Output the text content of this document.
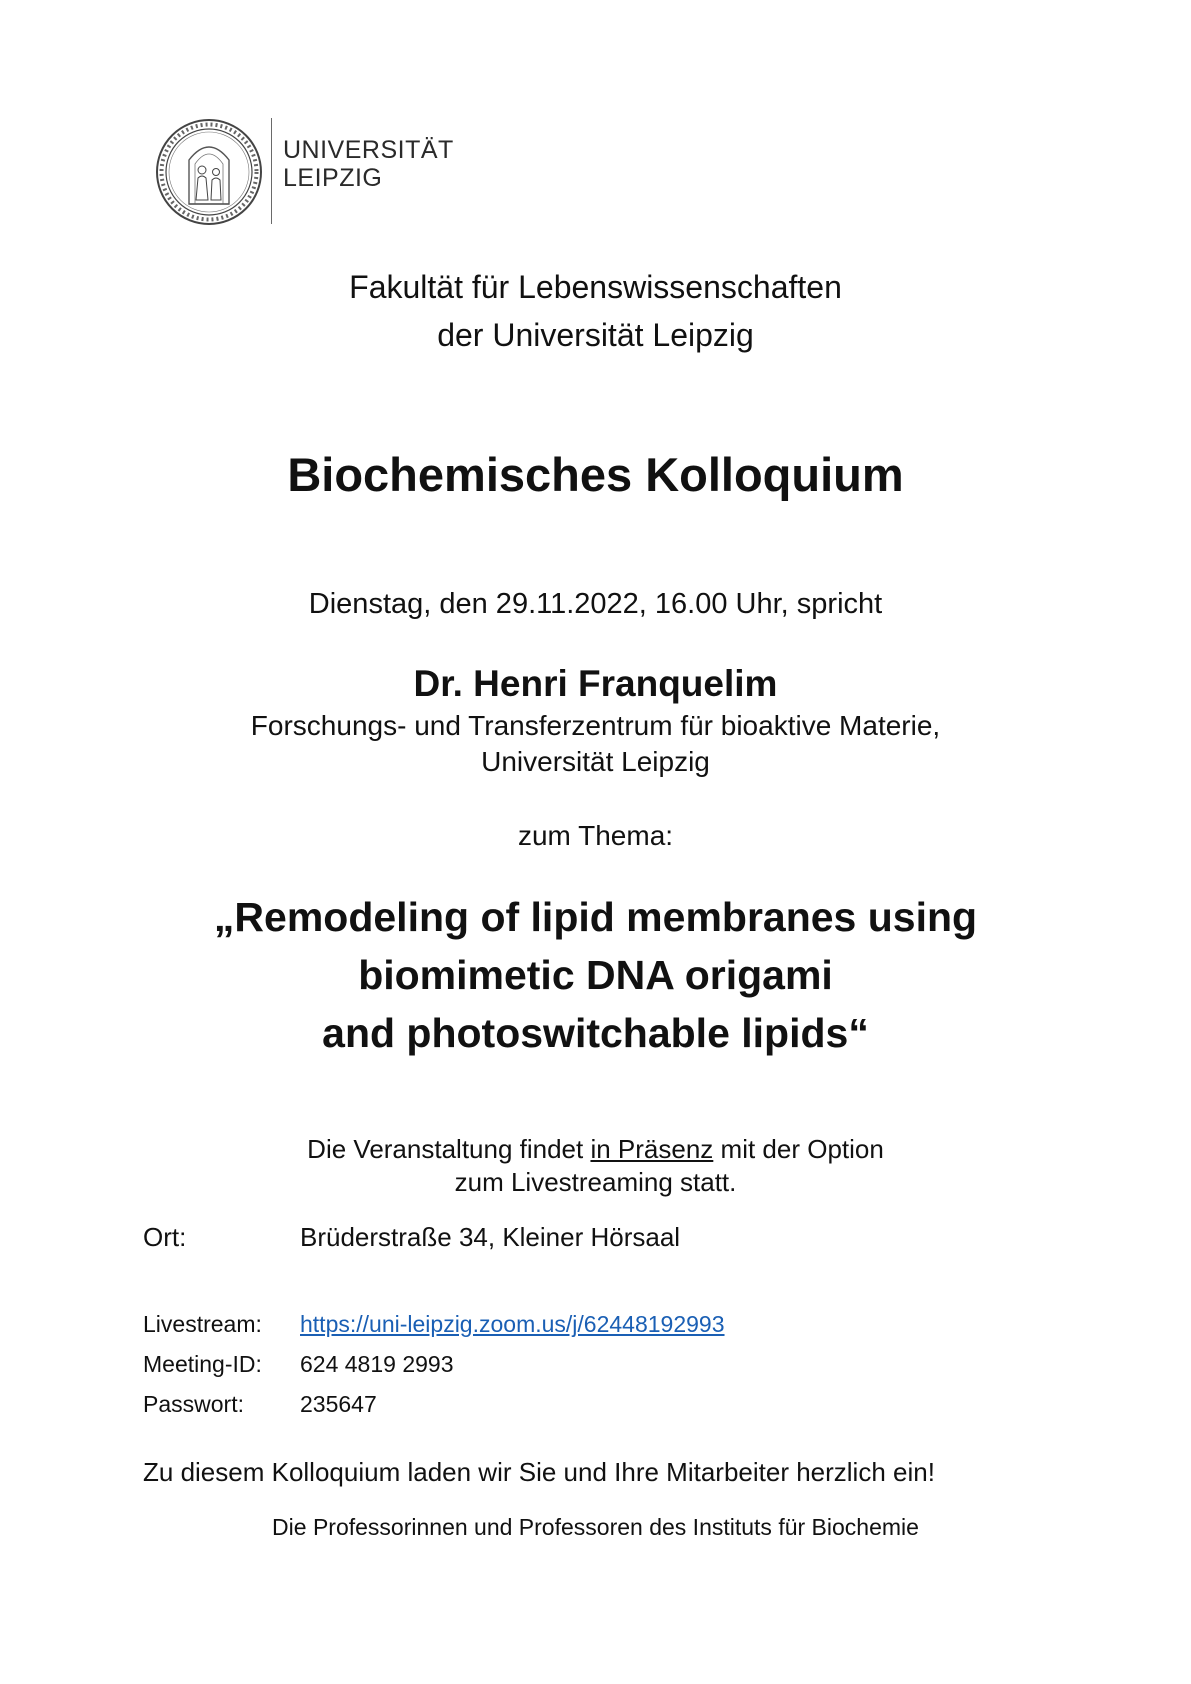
UNIVERSITÄT
LEIPZIG
Fakultät für Lebenswissenschaften
der Universität Leipzig
Biochemisches Kolloquium
Dienstag, den 29.11.2022, 16.00 Uhr, spricht
Dr. Henri Franquelim
Forschungs- und Transferzentrum für bioaktive Materie,
Universität Leipzig
zum Thema:
„Remodeling of lipid membranes using
biomimetic DNA origami
and photoswitchable lipids“
Die Veranstaltung findet in Präsenz mit der Option
zum Livestreaming statt.
Ort:	Brüderstraße 34, Kleiner Hörsaal
Livestream: https://uni-leipzig.zoom.us/j/62448192993
Meeting-ID: 624 4819 2993
Passwort: 235647
Zu diesem Kolloquium laden wir Sie und Ihre Mitarbeiter herzlich ein!
Die Professorinnen und Professoren des Instituts für Biochemie
